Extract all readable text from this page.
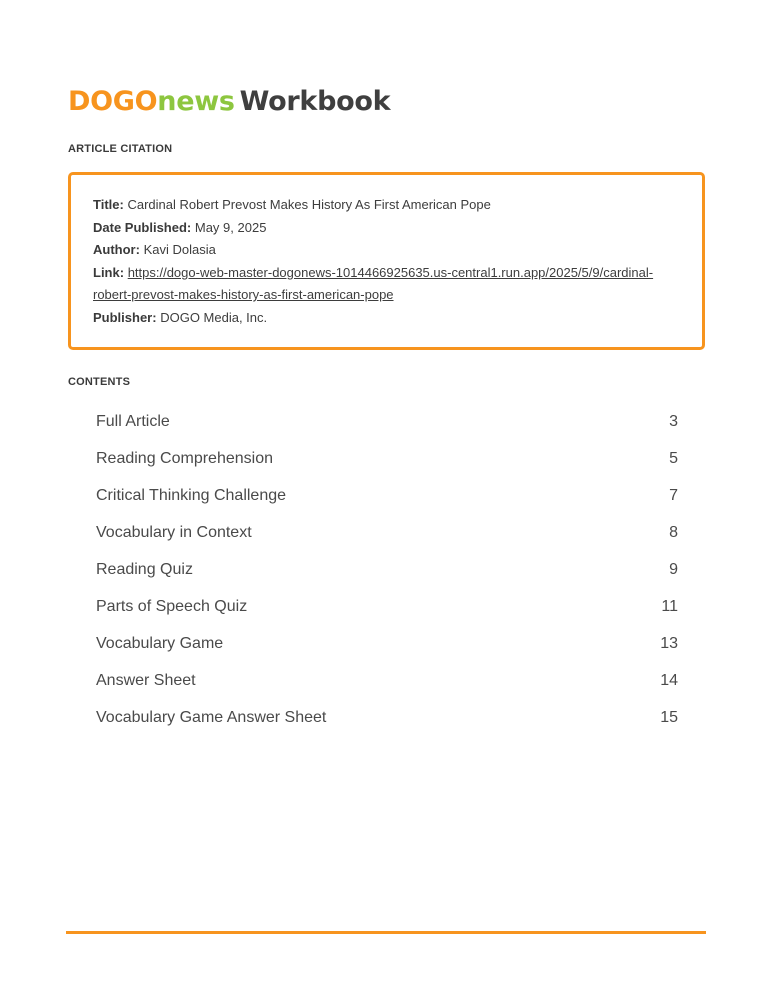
DOGOnews Workbook
ARTICLE CITATION
Title: Cardinal Robert Prevost Makes History As First American Pope
Date Published: May 9, 2025
Author: Kavi Dolasia
Link: https://dogo-web-master-dogonews-1014466925635.us-central1.run.app/2025/5/9/cardinal-robert-prevost-makes-history-as-first-american-pope
Publisher: DOGO Media, Inc.
CONTENTS
Full Article	3
Reading Comprehension	5
Critical Thinking Challenge	7
Vocabulary in Context	8
Reading Quiz	9
Parts of Speech Quiz	11
Vocabulary Game	13
Answer Sheet	14
Vocabulary Game Answer Sheet	15
